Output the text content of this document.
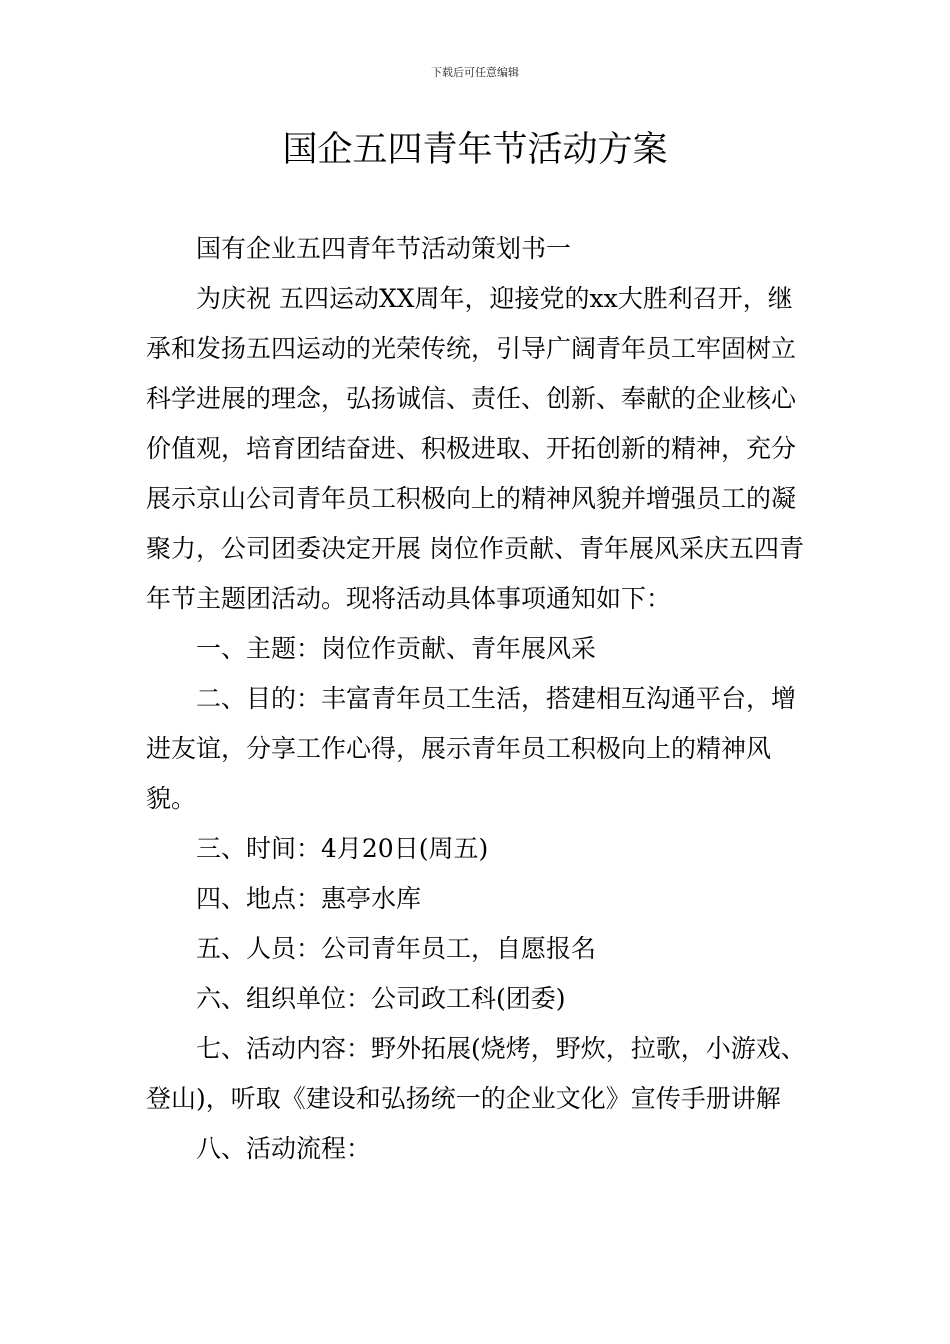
下载后可任意编辑
国企五四青年节活动方案

国有企业五四青年节活动策划书一

为庆祝 五四运动XX周年，迎接党的xx大胜利召开，继承和发扬五四运动的光荣传统，引导广阔青年员工牢固树立科学进展的理念，弘扬诚信、责任、创新、奉献的企业核心价值观，培育团结奋进、积极进取、开拓创新的精神，充分展示京山公司青年员工积极向上的精神风貌并增强员工的凝聚力，公司团委决定开展 岗位作贡献、青年展风采庆五四青年节主题团活动。现将活动具体事项通知如下：

一、主题：岗位作贡献、青年展风采

二、目的：丰富青年员工生活，搭建相互沟通平台，增进友谊，分享工作心得，展示青年员工积极向上的精神风貌。

三、时间：4月20日(周五)

四、地点：惠亭水库

五、人员：公司青年员工，自愿报名

六、组织单位：公司政工科(团委)

七、活动内容：野外拓展(烧烤，野炊，拉歌，小游戏、登山)，听取《建设和弘扬统一的企业文化》宣传手册讲解

八、活动流程：
